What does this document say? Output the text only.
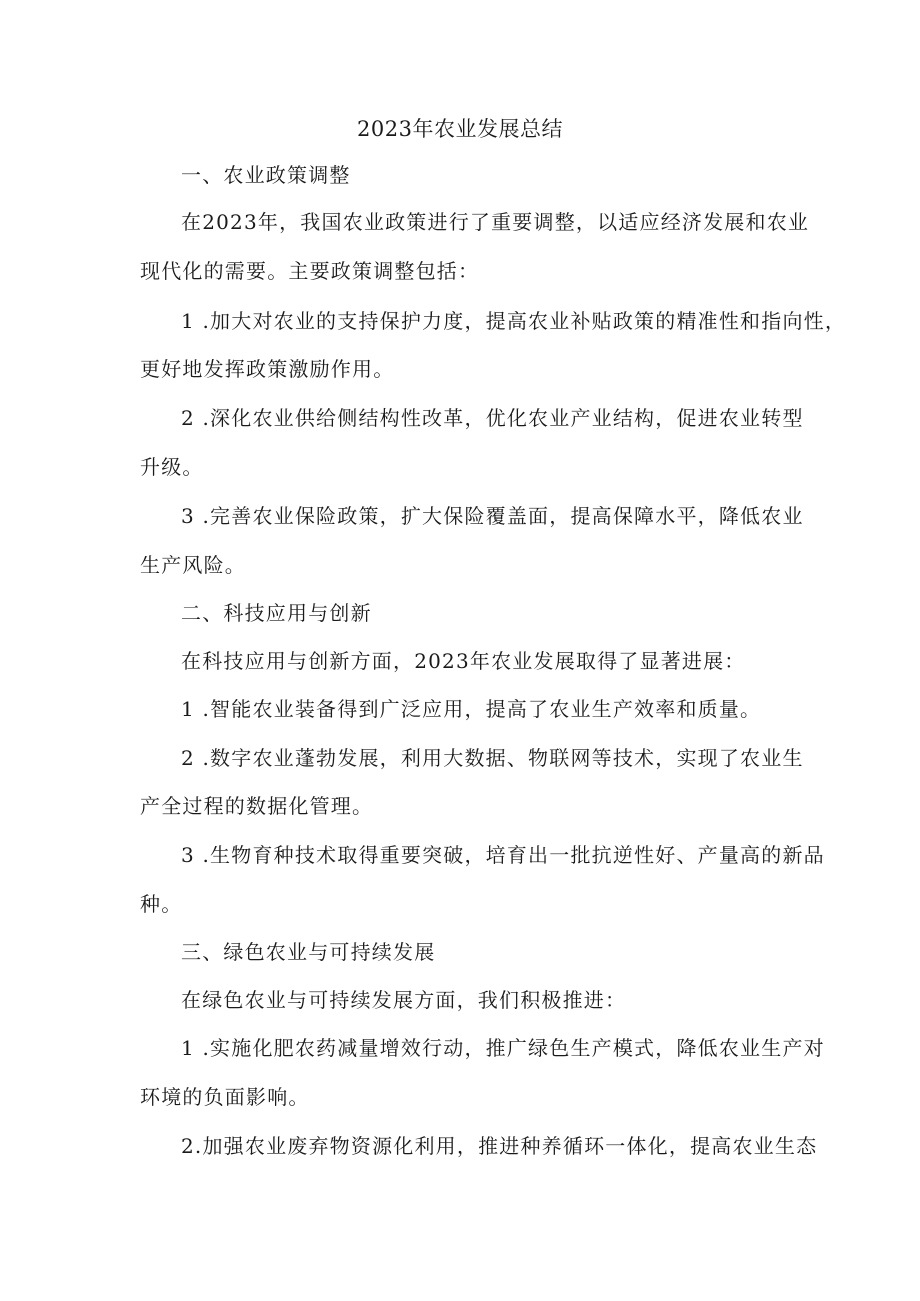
2023年农业发展总结
一、农业政策调整
在2023年，我国农业政策进行了重要调整，以适应经济发展和农业
现代化的需要。主要政策调整包括：
1 .加大对农业的支持保护力度，提高农业补贴政策的精准性和指向性，
更好地发挥政策激励作用。
2 .深化农业供给侧结构性改革，优化农业产业结构，促进农业转型
升级。
3 .完善农业保险政策，扩大保险覆盖面，提高保障水平，降低农业
生产风险。
二、科技应用与创新
在科技应用与创新方面，2023年农业发展取得了显著进展：
1 .智能农业装备得到广泛应用，提高了农业生产效率和质量。
2 .数字农业蓬勃发展，利用大数据、物联网等技术，实现了农业生
产全过程的数据化管理。
3 .生物育种技术取得重要突破，培育出一批抗逆性好、产量高的新品
种。
三、绿色农业与可持续发展
在绿色农业与可持续发展方面，我们积极推进：
1 .实施化肥农药减量增效行动，推广绿色生产模式，降低农业生产对
环境的负面影响。
2.加强农业废弃物资源化利用，推进种养循环一体化，提高农业生态
